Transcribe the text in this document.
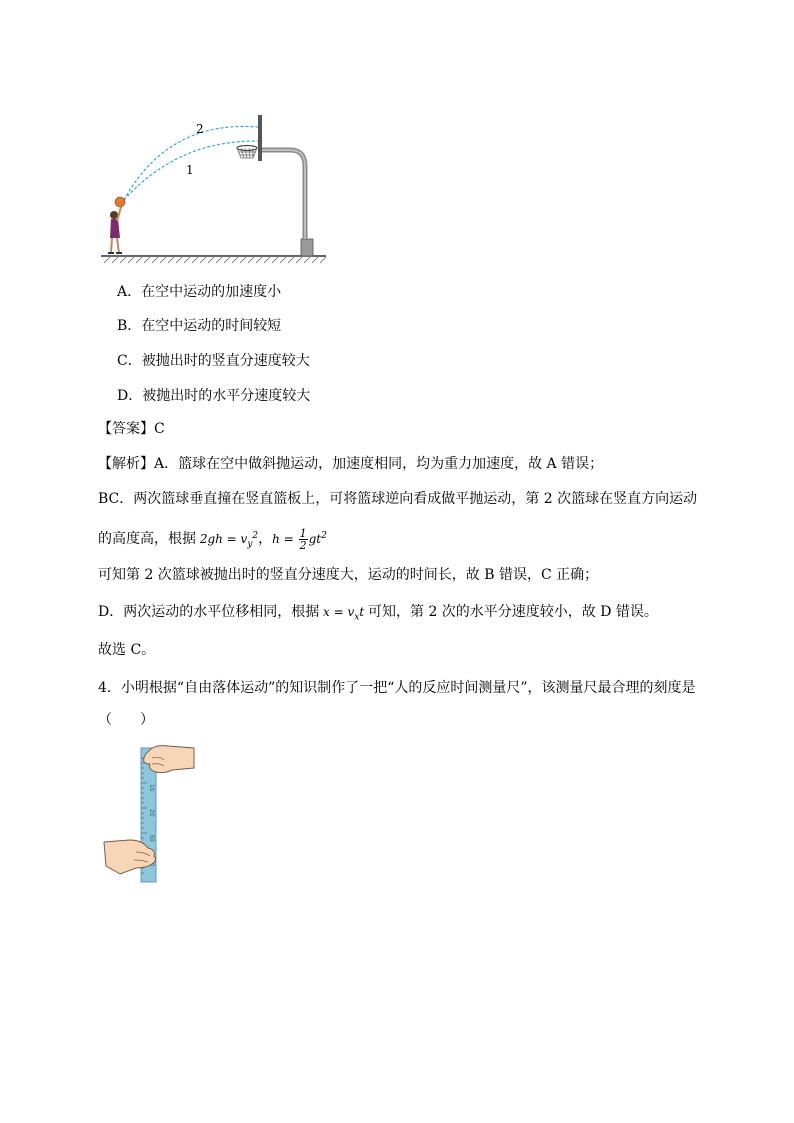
2
1
A．在空中运动的加速度小
B．在空中运动的时间较短
C．被抛出时的竖直分速度较大
D．被抛出时的水平分速度较大
【答案】C
【解析】A．篮球在空中做斜抛运动，加速度相同，均为重力加速度，故 A 错误；
BC．两次篮球垂直撞在竖直篮板上，可将篮球逆向看成做平抛运动，第 2 次篮球在竖直方向运动
的高度高，根据 $2gh = v_y^2$，$h = \frac{1}{2} gt^2$
可知第 2 次篮球被抛出时的竖直分速度大，运动的时间长，故 B 错误，C 正确；
D．两次运动的水平位移相同，根据 $x = v_xt$ 可知，第 2 次的水平分速度较小，故 D 错误。
故选 C。
4．小明根据“自由落体运动”的知识制作了一把“人的反应时间测量尺”，该测量尺最合理的刻度是
（　　）
10
20
30
